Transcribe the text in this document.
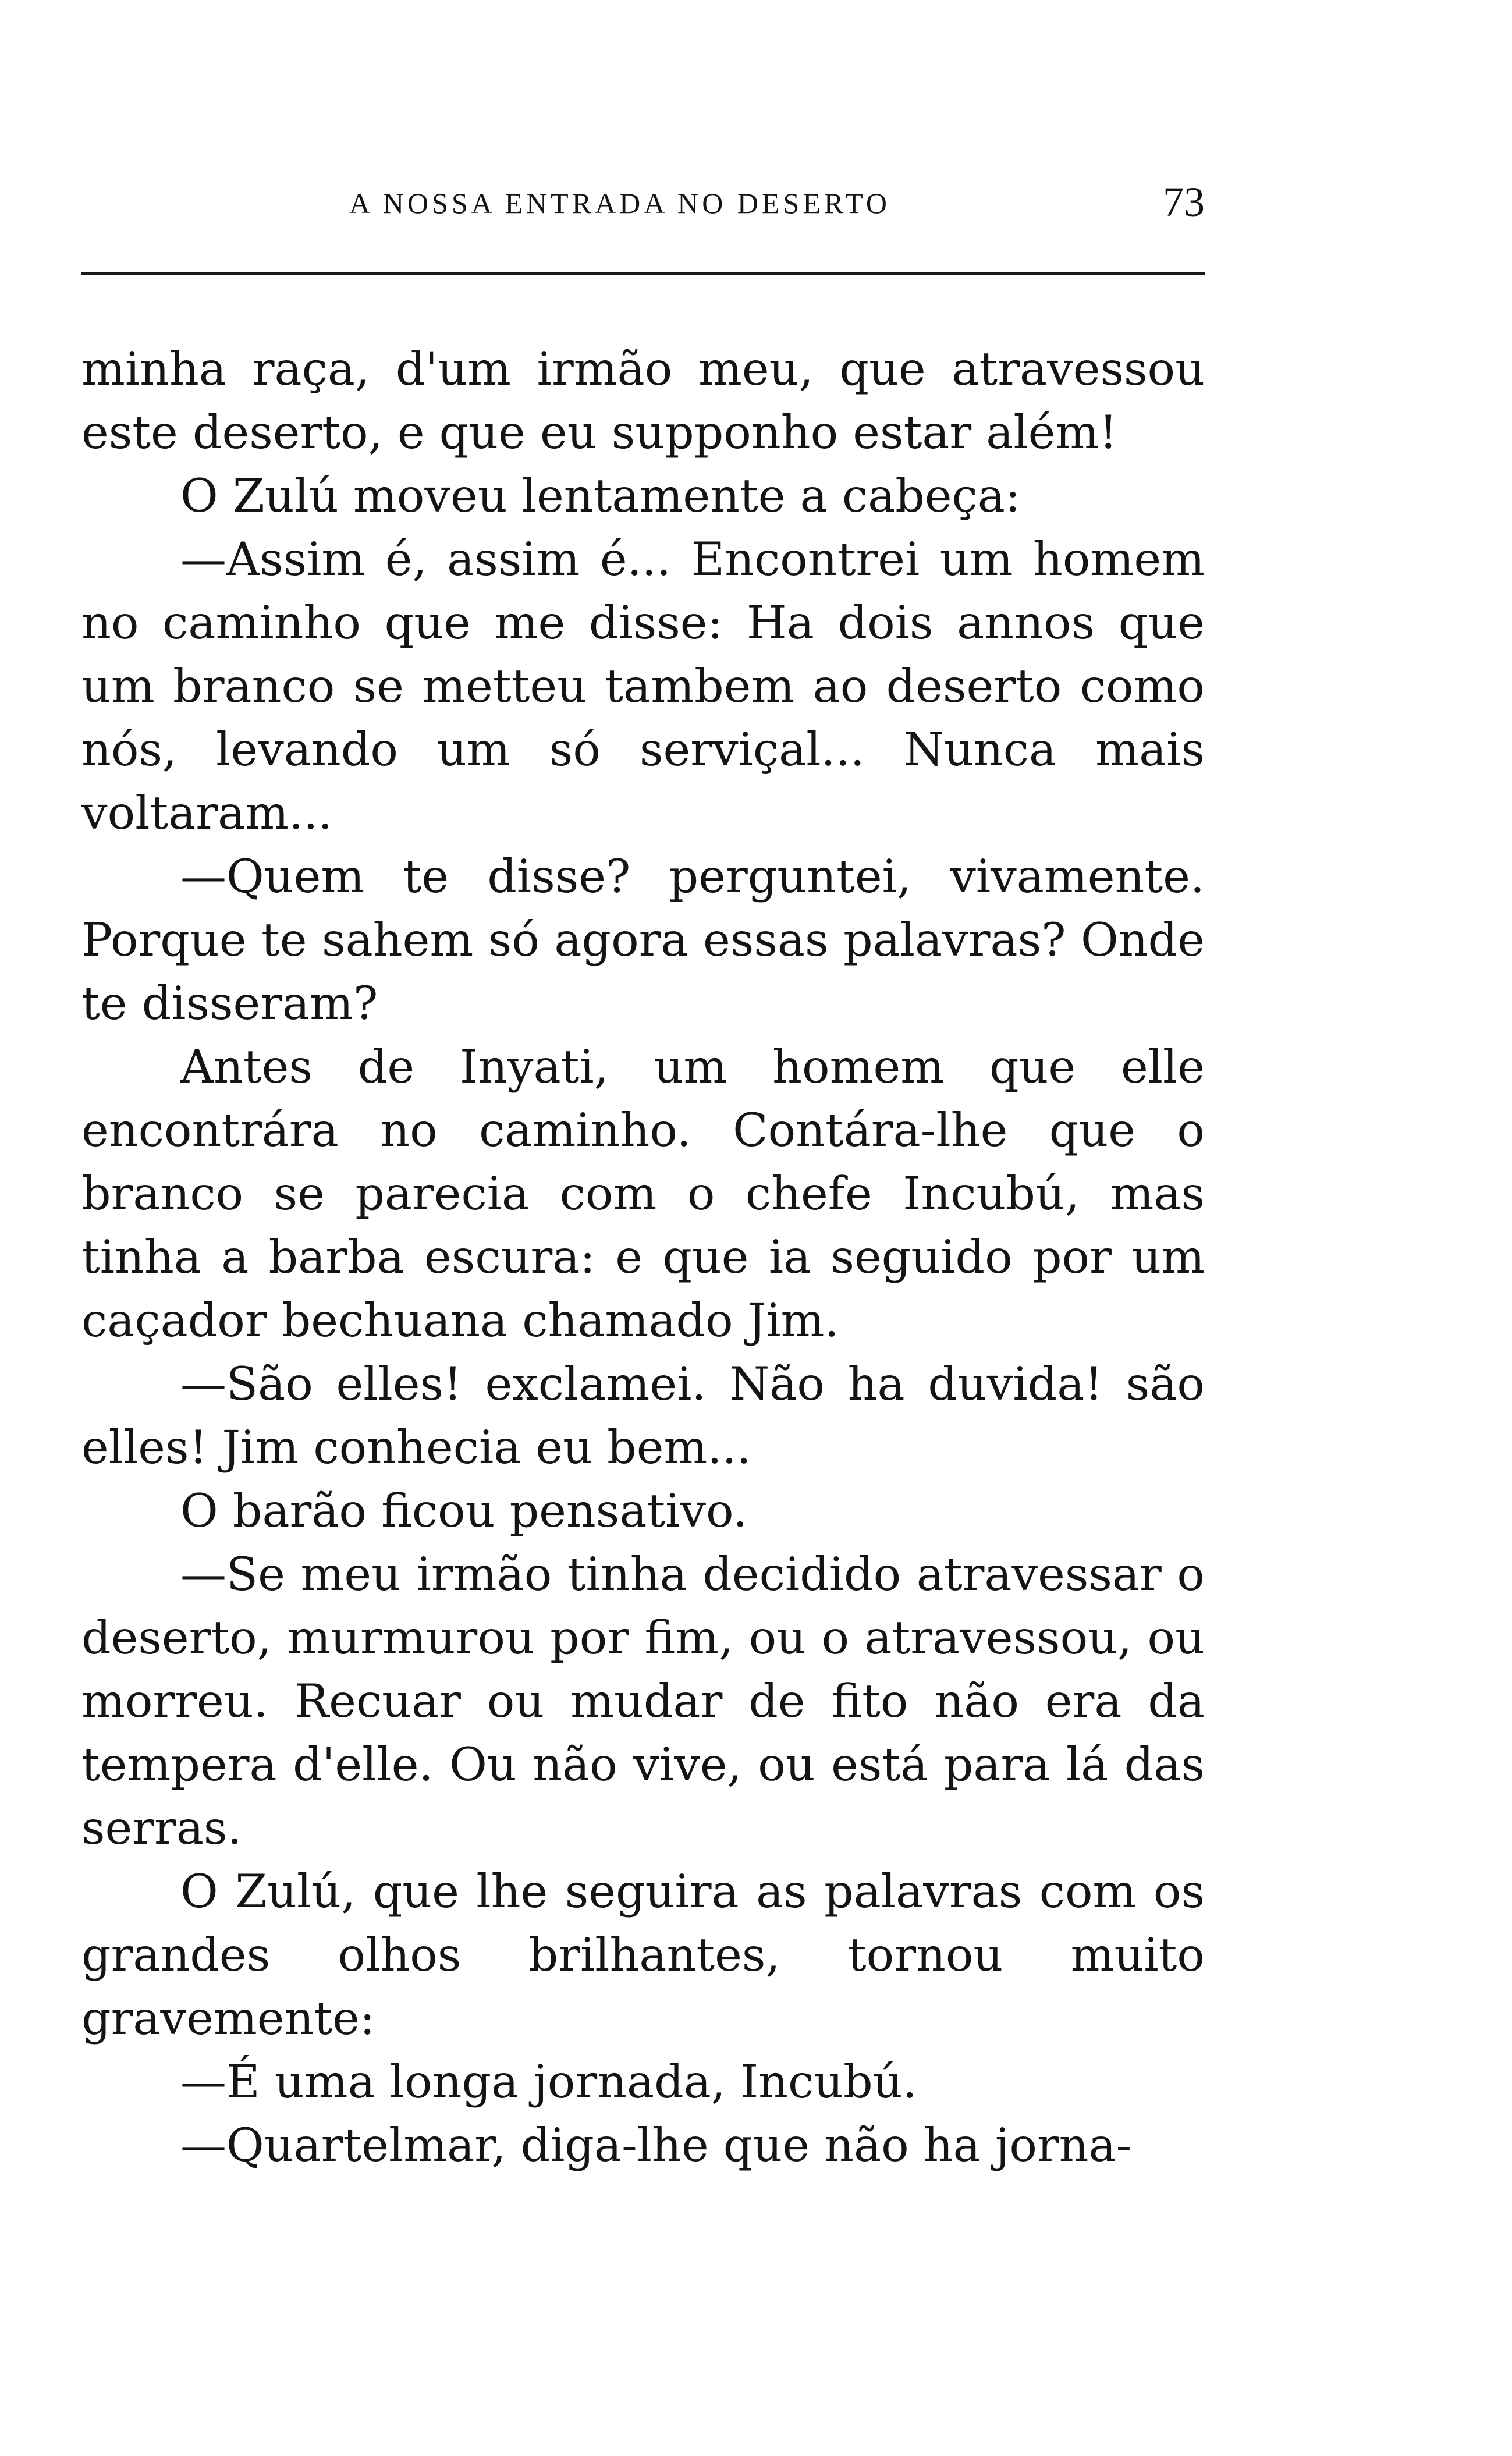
A NOSSA ENTRADA NO DESERTO	73

minha raça, d'um irmão meu, que atravessou este deserto, e que eu supponho estar além!

O Zulú moveu lentamente a cabeça:

—Assim é, assim é... Encontrei um homem no caminho que me disse: Ha dois annos que um branco se metteu tambem ao deserto como nós, levando um só serviçal... Nunca mais voltaram...

—Quem te disse? perguntei, vivamente. Porque te sahem só agora essas palavras? Onde te disseram?

Antes de Inyati, um homem que elle encontrára no caminho. Contára-lhe que o branco se parecia com o chefe Incubú, mas tinha a barba escura: e que ia seguido por um caçador bechuana chamado Jim.

—São elles! exclamei. Não ha duvida! são elles! Jim conhecia eu bem...

O barão ficou pensativo.

—Se meu irmão tinha decidido atravessar o deserto, murmurou por fim, ou o atravessou, ou morreu. Recuar ou mudar de fito não era da tempera d'elle. Ou não vive, ou está para lá das serras.

O Zulú, que lhe seguira as palavras com os grandes olhos brilhantes, tornou muito gravemente:

—É uma longa jornada, Incubú.

—Quartelmar, diga-lhe que não ha jorna-
